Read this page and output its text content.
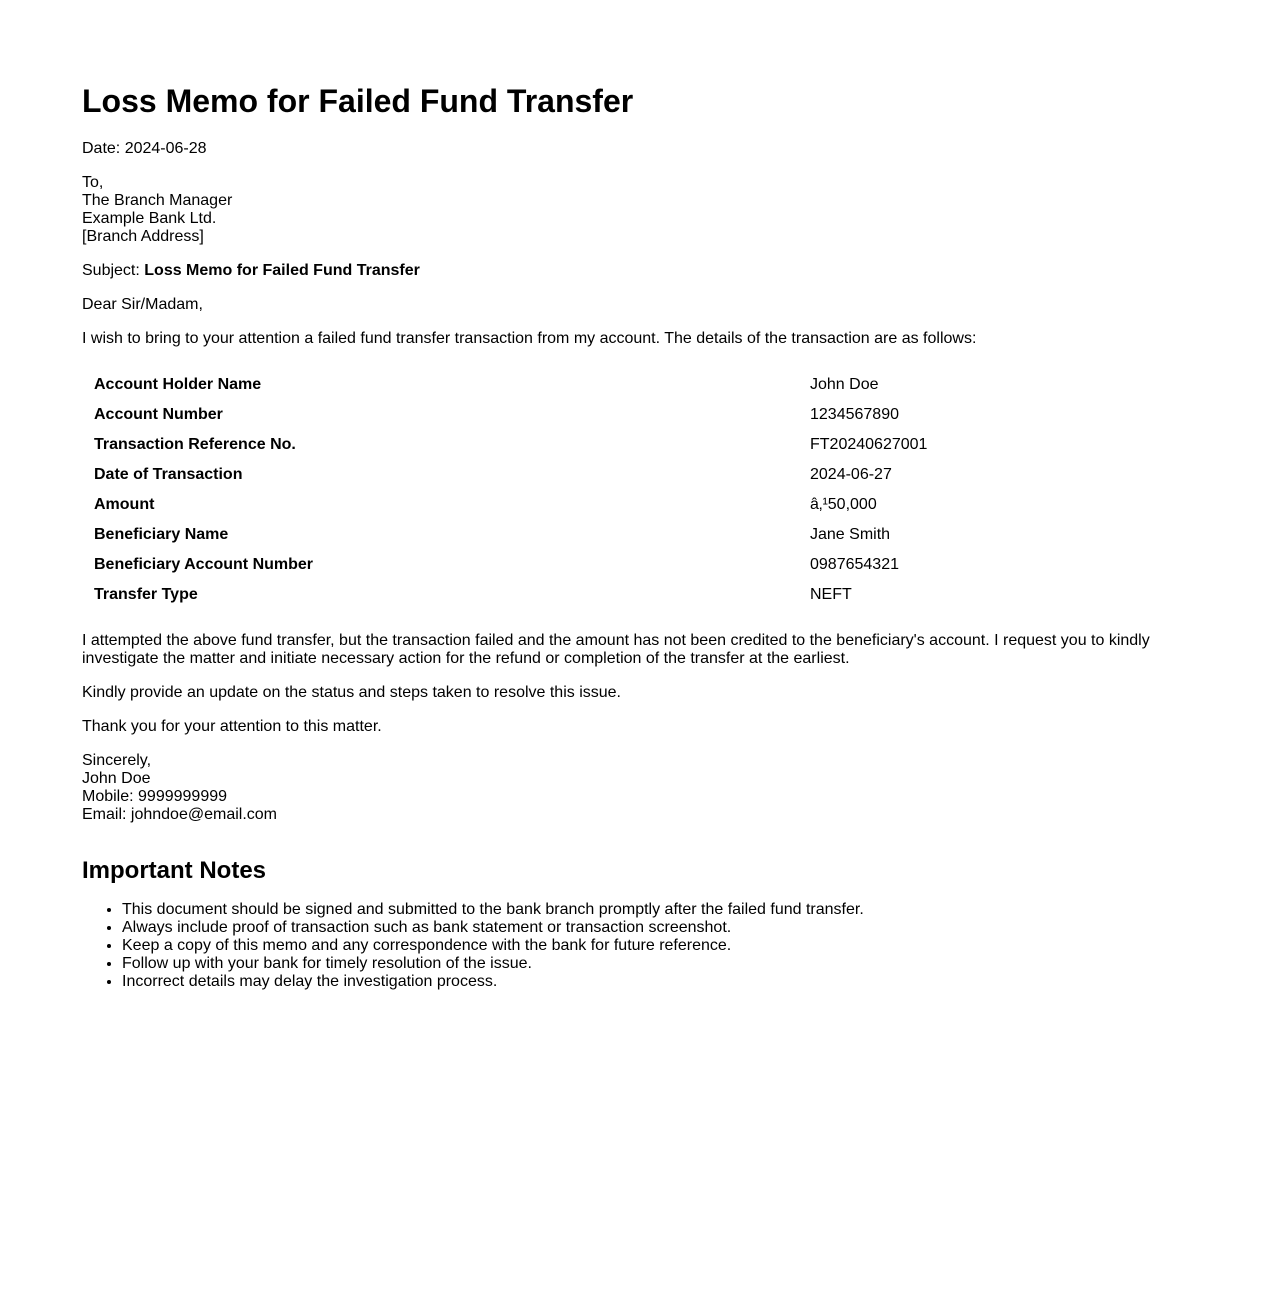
Loss Memo for Failed Fund Transfer
Date: 2024-06-28
To,
The Branch Manager
Example Bank Ltd.
[Branch Address]
Subject: Loss Memo for Failed Fund Transfer
Dear Sir/Madam,
I wish to bring to your attention a failed fund transfer transaction from my account. The details of the transaction are as follows:
Account Holder Name	John Doe
Account Number	1234567890
Transaction Reference No.	FT20240627001
Date of Transaction	2024-06-27
Amount	â‚¹50,000
Beneficiary Name	Jane Smith
Beneficiary Account Number	0987654321
Transfer Type	NEFT
I attempted the above fund transfer, but the transaction failed and the amount has not been credited to the beneficiary's account. I request you to kindly investigate the matter and initiate necessary action for the refund or completion of the transfer at the earliest.
Kindly provide an update on the status and steps taken to resolve this issue.
Thank you for your attention to this matter.
Sincerely,
John Doe
Mobile: 9999999999
Email: johndoe@email.com
Important Notes
• This document should be signed and submitted to the bank branch promptly after the failed fund transfer.
• Always include proof of transaction such as bank statement or transaction screenshot.
• Keep a copy of this memo and any correspondence with the bank for future reference.
• Follow up with your bank for timely resolution of the issue.
• Incorrect details may delay the investigation process.
